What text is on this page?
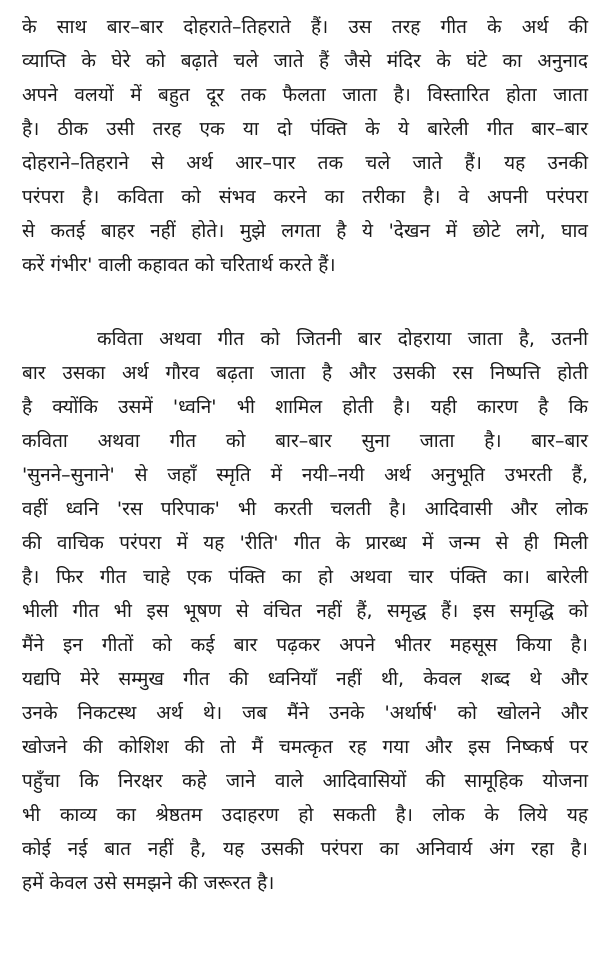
के साथ बार–बार दोहराते–तिहराते हैं। उस तरह गीत के अर्थ की
व्याप्ति के घेरे को बढ़ाते चले जाते हैं जैसे मंदिर के घंटे का अनुनाद
अपने वलयों में बहुत दूर तक फैलता जाता है। विस्तारित होता जाता
है। ठीक उसी तरह एक या दो पंक्ति के ये बारेली गीत बार–बार
दोहराने–तिहराने से अर्थ आर–पार तक चले जाते हैं। यह उनकी
परंपरा है। कविता को संभव करने का तरीका है। वे अपनी परंपरा
से कतई बाहर नहीं होते। मुझे लगता है ये 'देखन में छोटे लगे, घाव
करें गंभीर' वाली कहावत को चरितार्थ करते हैं।
कविता अथवा गीत को जितनी बार दोहराया जाता है, उतनी
बार उसका अर्थ गौरव बढ़ता जाता है और उसकी रस निष्पत्ति होती
है क्योंकि उसमें 'ध्वनि' भी शामिल होती है। यही कारण है कि
कविता अथवा गीत को बार–बार सुना जाता है। बार–बार
'सुनने–सुनाने' से जहाँ स्मृति में नयी–नयी अर्थ अनुभूति उभरती हैं,
वहीं ध्वनि 'रस परिपाक' भी करती चलती है। आदिवासी और लोक
की वाचिक परंपरा में यह 'रीति' गीत के प्रारब्ध में जन्म से ही मिली
है। फिर गीत चाहे एक पंक्ति का हो अथवा चार पंक्ति का। बारेली
भीली गीत भी इस भूषण से वंचित नहीं हैं, समृद्ध हैं। इस समृद्धि को
मैंने इन गीतों को कई बार पढ़कर अपने भीतर महसूस किया है।
यद्यपि मेरे सम्मुख गीत की ध्वनियाँ नहीं थी, केवल शब्द थे और
उनके निकटस्थ अर्थ थे। जब मैंने उनके 'अर्थार्ष' को खोलने और
खोजने की कोशिश की तो मैं चमत्कृत रह गया और इस निष्कर्ष पर
पहुँचा कि निरक्षर कहे जाने वाले आदिवासियों की सामूहिक योजना
भी काव्य का श्रेष्ठतम उदाहरण हो सकती है। लोक के लिये यह
कोई नई बात नहीं है, यह उसकी परंपरा का अनिवार्य अंग रहा है।
हमें केवल उसे समझने की जरूरत है।
